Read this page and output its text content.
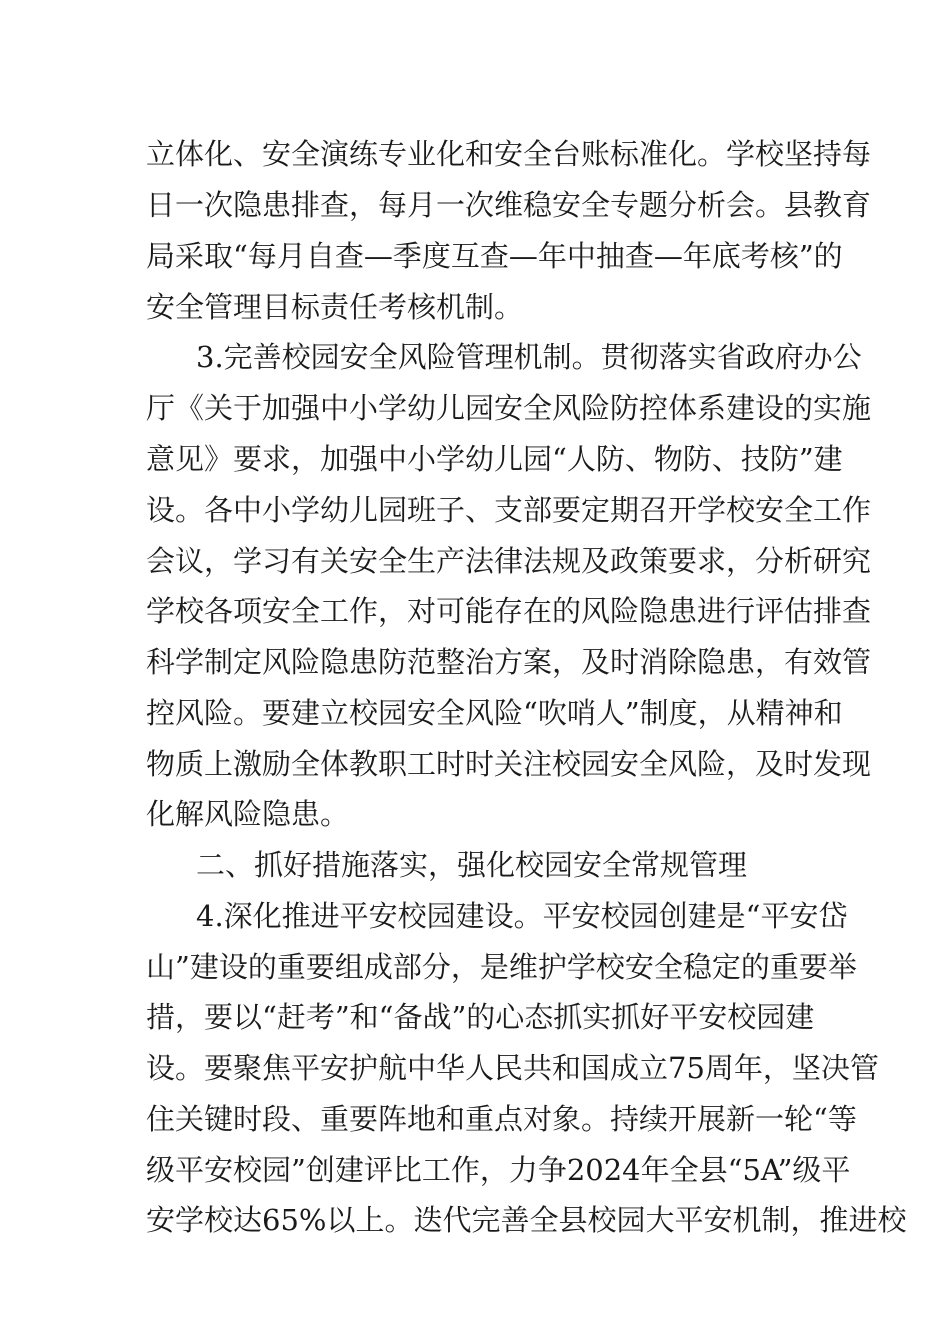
立体化、安全演练专业化和安全台账标准化。学校坚持每
日一次隐患排查，每月一次维稳安全专题分析会。县教育
局采取“每月自查—季度互查—年中抽查—年底考核”的
安全管理目标责任考核机制。
3.完善校园安全风险管理机制。贯彻落实省政府办公
厅《关于加强中小学幼儿园安全风险防控体系建设的实施
意见》要求，加强中小学幼儿园“人防、物防、技防”建
设。各中小学幼儿园班子、支部要定期召开学校安全工作
会议，学习有关安全生产法律法规及政策要求，分析研究
学校各项安全工作，对可能存在的风险隐患进行评估排查
科学制定风险隐患防范整治方案，及时消除隐患，有效管
控风险。要建立校园安全风险“吹哨人”制度，从精神和
物质上激励全体教职工时时关注校园安全风险，及时发现
化解风险隐患。
二、抓好措施落实，强化校园安全常规管理
4.深化推进平安校园建设。平安校园创建是“平安岱
山”建设的重要组成部分，是维护学校安全稳定的重要举
措，要以“赶考”和“备战”的心态抓实抓好平安校园建
设。要聚焦平安护航中华人民共和国成立75周年，坚决管
住关键时段、重要阵地和重点对象。持续开展新一轮“等
级平安校园”创建评比工作，力争2024年全县“5A”级平
安学校达65%以上。迭代完善全县校园大平安机制，推进校
